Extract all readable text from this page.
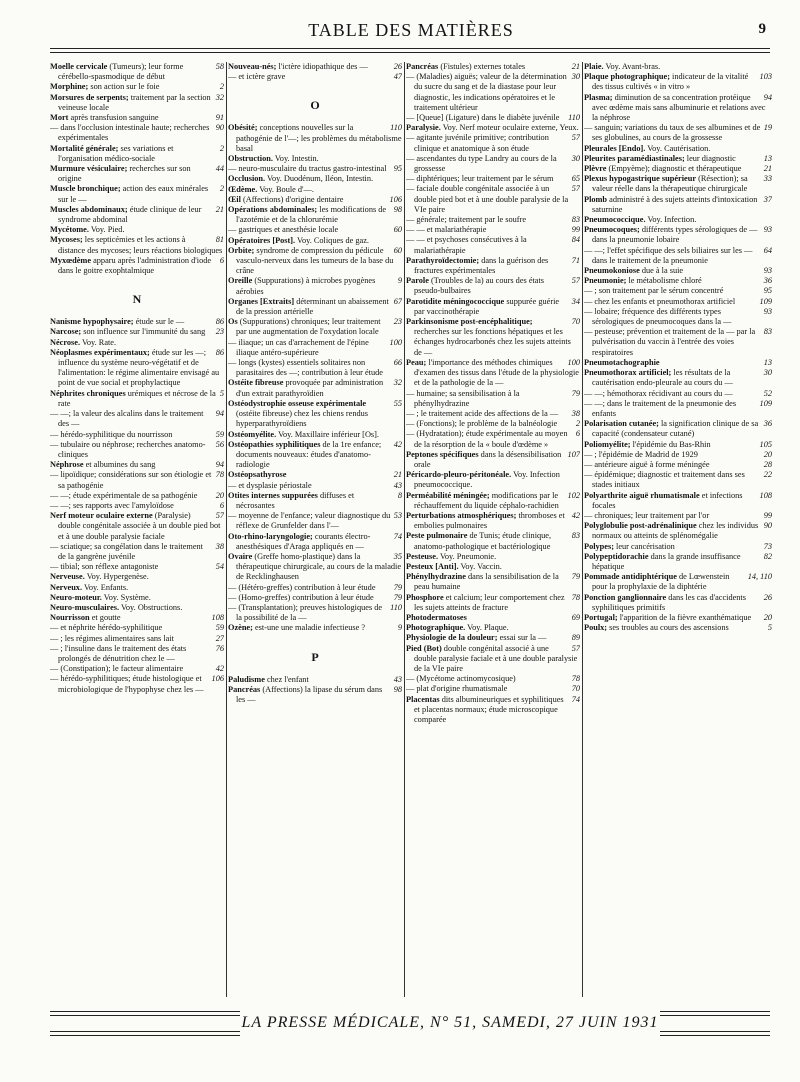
TABLE DES MATIÈRES	9

58
Moelle cervicale (Tumeurs); leur forme cérébello-spasmodique de début

2
Morphine; son action sur le foie

32
Morsures de serpents; traitement par la section veineuse locale

91
Mort après transfusion sanguine

90
— dans l'occlusion intestinale haute; recherches expérimentales

2
Mortalité générale; ses variations et l'organisation médico-sociale

44
Murmure vésiculaire; recherches sur son origine

2
Muscle bronchique; action des eaux minérales sur le —

21
Muscles abdominaux; étude clinique de leur syndrome abdominal

Mycétome. Voy. Pied.

81
Mycoses; les septicémies et les actions à distance des mycoses; leurs réactions biologiques

6
Myxœdème apparu après l'administration d'iode dans le goitre exophtalmique

N

86
Nanisme hypophysaire; étude sur le —

23
Narcose; son influence sur l'immunité du sang

Nécrose. Voy. Rate.

86
Néoplasmes expérimentaux; étude sur les —; influence du système neuro-végétatif et de l'alimentation: le régime alimentaire envisagé au point de vue social et prophylactique

5
Néphrites chroniques urémiques et nécrose de la rate

94
— —; la valeur des alcalins dans le traitement des —

59
— hérédo-syphilitique du nourrisson

56
— tubulaire ou néphrose; recherches anatomo-cliniques

94
Néphrose et albumines du sang

78
— lipoïdique; considérations sur son étiologie et sa pathogénie

20
— —; étude expérimentale de sa pathogénie

6
— —; ses rapports avec l'amyloïdose

57
Nerf moteur oculaire externe (Paralysie) double congénitale associée à un double pied bot et à une double paralysie faciale

38
— sciatique; sa congélation dans le traitement de la gangrène juvénile

54
— tibial; son réflexe antagoniste

Nerveuse. Voy. Hypergenèse.

Nerveux. Voy. Enfants.

Neuro-moteur. Voy. Système.

Neuro-musculaires. Voy. Obstructions.

108
Nourrisson et goutte

59
— et néphrite hérédo-syphilitique

27
— ; les régimes alimentaires sans lait

76
— ; l'insuline dans le traitement des états prolongés de dénutrition chez le —

42
— (Constipation); le facteur alimentaire

106
— hérédo-syphilitiques; étude histologique et microbiologique de l'hypophyse chez les —

26
Nouveau-nés; l'ictère idiopathique des —

47
— et ictère grave

O

110
Obésité; conceptions nouvelles sur la pathogénie de l'—; les problèmes du métabolisme basal

Obstruction. Voy. Intestin.

95
— neuro-musculaire du tractus gastro-intestinal

Occlusion. Voy. Duodénum, Iléon, Intestin.

Œdème. Voy. Boule d'—.

106
Œil (Affections) d'origine dentaire

98
Opérations abdominales; les modifications de l'azotémie et de la chlorurémie

60
— gastriques et anesthésie locale

Opératoires [Post]. Voy. Coliques de gaz.

60
Orbite; syndrome de compression du pédicule vasculo-nerveux dans les tumeurs de la base du crâne

9
Oreille (Suppurations) à microbes pyogènes aérobies

67
Organes [Extraits] déterminant un abaissement de la pression artérielle

23
Os (Suppurations) chroniques; leur traitement par une augmentation de l'oxydation locale

100
— iliaque; un cas d'arrachement de l'épine iliaque antéro-supérieure

66
— longs (kystes) essentiels solitaires non parasitaires des —; contribution à leur étude

32
Ostéite fibreuse provoquée par administration d'un extrait parathyroïdien

55
Ostéodystrophie osseuse expérimentale (ostéite fibreuse) chez les chiens rendus hyperparathyroïdiens

Ostéomyélite. Voy. Maxillaire inférieur [Os].

42
Ostéopathies syphilitiques de la 1re enfance; documents nouveaux: études d'anatomo-radiologie

21
Ostéopsathyrose

43
— et dysplasie périostale

8
Otites internes suppurées diffuses et nécrosantes

53
— moyenne de l'enfance; valeur diagnostique du réflexe de Grunfelder dans l'—

74
Oto-rhino-laryngologie; courants électro-anesthésiques d'Araga appliqués en —

35
Ovaire (Greffe homo-plastique) dans la thérapeutique chirurgicale, au cours de la maladie de Recklinghausen

79
— (Hétéro-greffes) contribution à leur étude

79
— (Homo-greffes) contribution à leur étude

110
— (Transplantation); preuves histologiques de la possibilité de la —

9
Ozène; est-une une maladie infectieuse ?

P

43
Paludisme chez l'enfant

98
Pancréas (Affections) la lipase du sérum dans les —

21
Pancréas (Fistules) externes totales

30
— (Maladies) aiguës; valeur de la détermination du sucre du sang et de la diastase pour leur diagnostic, les indications opératoires et le traitement ultérieur

110
— [Queue] (Ligature) dans le diabète juvénile

Paralysie. Voy. Nerf moteur oculaire externe, Yeux.

57
— agitante juvénile primitive; contribution clinique et anatomique à son étude

30
— ascendantes du type Landry au cours de la grossesse

65
— diphtériques; leur traitement par le sérum

57
— faciale double congénitale associée à un double pied bot et à une double paralysie de la VIe paire

83
— générale; traitement par le soufre

99
— — et malariathérapie

84
— — et psychoses consécutives à la malariathérapie

71
Parathyroïdectomie; dans la guérison des fractures expérimentales

57
Parole (Troubles de la) au cours des états pseudo-bulbaires

34
Parotidite méningococcique suppurée guérie par vaccinothérapie

70
Parkinsonisme post-encéphalitique; recherches sur les fonctions hépatiques et les échanges hydrocarbonés chez les sujets atteints de —

100
Peau; l'importance des méthodes chimiques d'examen des tissus dans l'étude de la physiologie et de la pathologie de la —

79
— humaine; sa sensibilisation à la phénylhydrazine

38
— ; le traitement acide des affections de la —

2
— (Fonctions); le problème de la balnéologie

6
— (Hydratation); étude expérimentale au moyen de la résorption de la « boule d'œdème »

107
Peptones spécifiques dans la désensibilisation orale

Péricardo-pleuro-péritonéale. Voy. Infection pneumococcique.

102
Perméabilité méningée; modifications par le réchauffement du liquide céphalo-rachidien

42
Perturbations atmosphériques; thromboses et embolies pulmonaires

83
Peste pulmonaire de Tunis; étude clinique, anatomo-pathologique et bactériologique

Pesteuse. Voy. Pneumonie.

Pesteux [Anti]. Voy. Vaccin.

79
Phénylhydrazine dans la sensibilisation de la peau humaine

78
Phosphore et calcium; leur comportement chez les sujets atteints de fracture

69
Photodermatoses

Photographique. Voy. Plaque.

89
Physiologie de la douleur; essai sur la —

57
Pied (Bot) double congénital associé à une double paralysie faciale et à une double paralysie de la VIe paire

78
— (Mycétome actinomycosique)

70
— plat d'origine rhumatismale

74
Placentas dits albumineuriques et syphilitiques et placentas normaux; étude microscopique comparée

Plaie. Voy. Avant-bras.

103
Plaque photographique; indicateur de la vitalité des tissus cultivés « in vitro »

94
Plasma; diminution de sa concentration protéique avec œdème mais sans albuminurie et relations avec la néphrose

19
— sanguin; variations du taux de ses albumines et de ses globulines, au cours de la grossesse

Pleurales [Endo]. Voy. Cautérisation.

13
Pleurites paramédiastinales; leur diagnostic

21
Plèvre (Empyème); diagnostic et thérapeutique

33
Plexus hypogastrique supérieur (Résection); sa valeur réelle dans la thérapeutique chirurgicale

37
Plomb administré à des sujets atteints d'intoxication saturnine

Pneumococcique. Voy. Infection.

93
Pneumocoques; différents types sérologiques de — dans la pneumonie lobaire

64
— —; l'effet spécifique des sels biliaires sur les — dans le traitement de la pneumonie

93
Pneumokoniose due à la suie

36
Pneumonie; le métabolisme chloré

95
— ; son traitement par le sérum concentré

109
— chez les enfants et pneumothorax artificiel

93
— lobaire; fréquence des différents types sérologiques de pneumocoques dans la —

83
— pesteuse; prévention et traitement de la — par la pulvérisation du vaccin à l'entrée des voies respiratoires

13
Pneumotachographie

30
Pneumothorax artificiel; les résultats de la cautérisation endo-pleurale au cours du —

52
— —; hémothorax récidivant au cours du —

109
— —; dans le traitement de la pneumonie des enfants

36
Polarisation cutanée; la signification clinique de sa capacité (condensateur cutané)

105
Poliomyélite; l'épidémie du Bas-Rhin

20
— ; l'épidémie de Madrid de 1929

28
— antérieure aiguë à forme méningée

22
— épidémique; diagnostic et traitement dans ses stades initiaux

108
Polyarthrite aiguë rhumatismale et infections focales

99
— chroniques; leur traitement par l'or

90
Polyglobulie post-adrénalinique chez les individus normaux ou atteints de splénomégalie

73
Polypes; leur cancérisation

82
Polypeptidorachie dans la grande insuffisance hépatique

14, 110
Pommade antidiphtérique de Lœwenstein pour la prophylaxie de la diphtérie

26
Ponction ganglionnaire dans les cas d'accidents syphilitiques primitifs

20
Portugal; l'apparition de la fièvre exanthématique

5
Poulx; ses troubles au cours des ascensions

LA PRESSE MÉDICALE, N° 51, SAMEDI, 27 JUIN 1931
